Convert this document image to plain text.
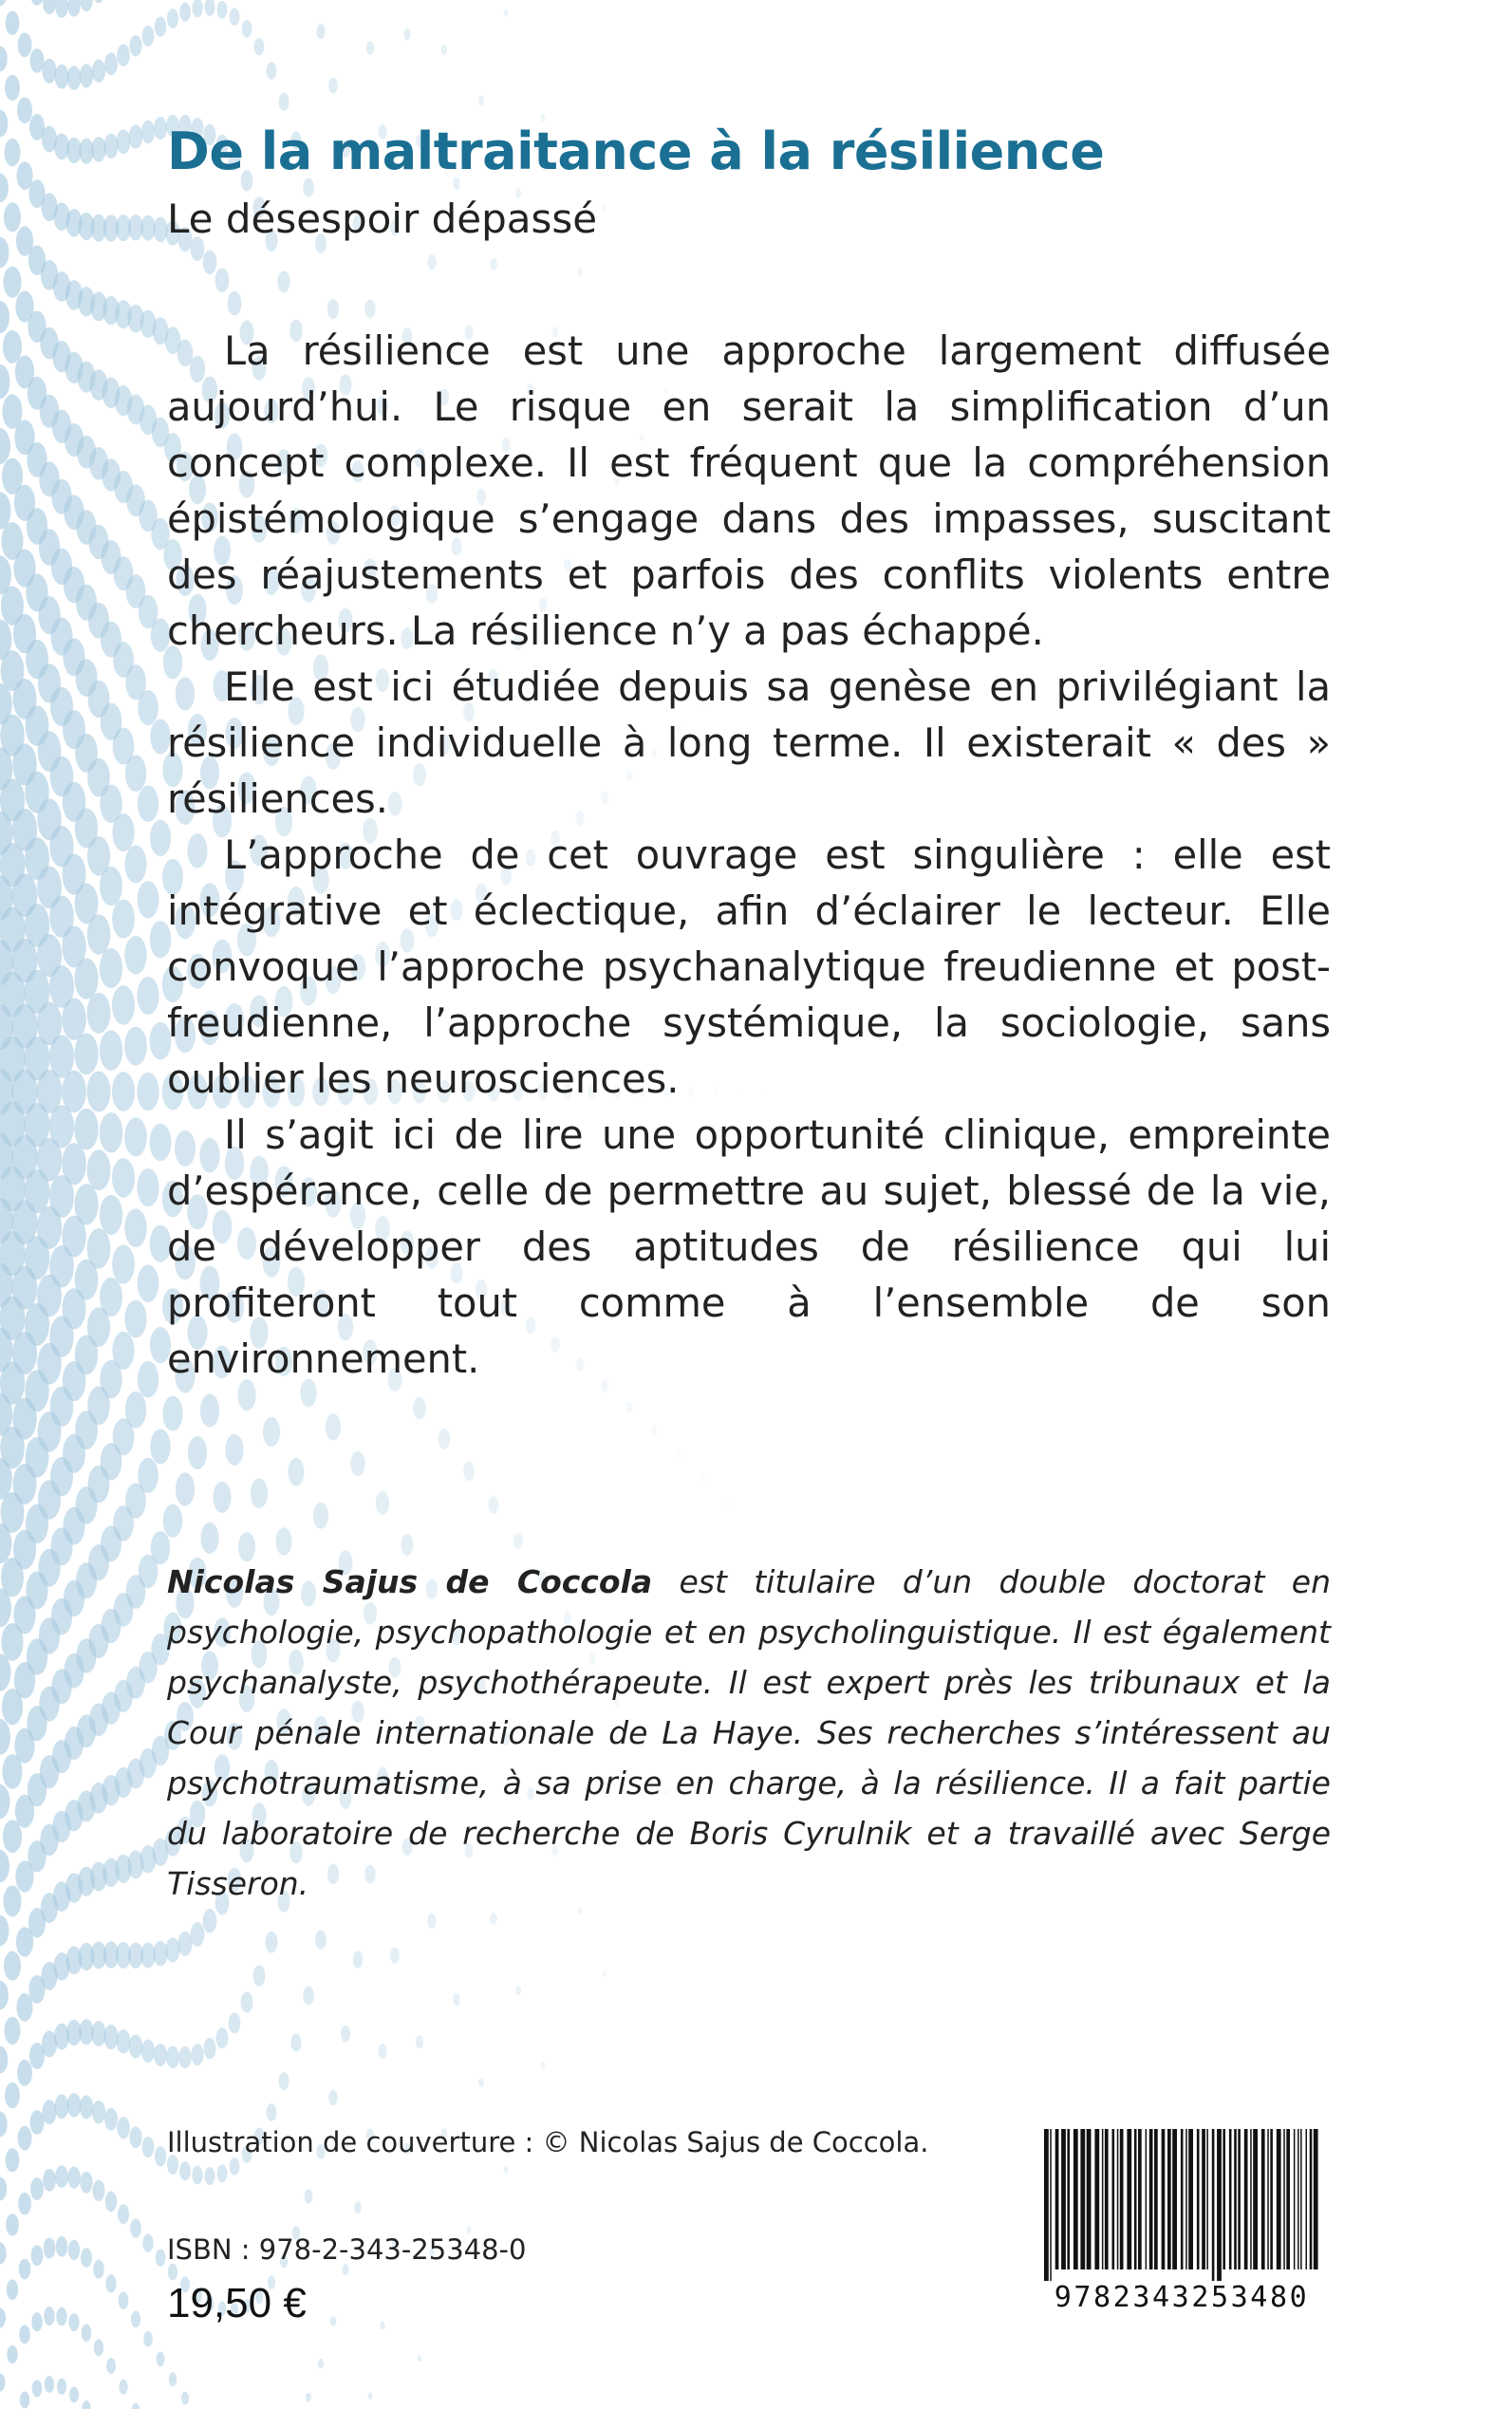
De la maltraitance à la résilience
Le désespoir dépassé

La résilience est une approche largement diffusée aujourd’hui. Le risque en serait la simplification d’un concept complexe. Il est fréquent que la compréhension épistémologique s’engage dans des impasses, suscitant des réajustements et parfois des conflits violents entre chercheurs. La résilience n’y a pas échappé.

Elle est ici étudiée depuis sa genèse en privilégiant la résilience individuelle à long terme. Il existerait « des » résiliences.

L’approche de cet ouvrage est singulière : elle est intégrative et éclectique, afin d’éclairer le lecteur. Elle convoque l’approche psychanalytique freudienne et post-freudienne, l’approche systémique, la sociologie, sans oublier les neurosciences.

Il s’agit ici de lire une opportunité clinique, empreinte d’espérance, celle de permettre au sujet, blessé de la vie, de développer des aptitudes de résilience qui lui profiteront tout comme à l’ensemble de son environnement.

Nicolas Sajus de Coccola est titulaire d’un double doctorat en psychologie, psychopathologie et en psycholinguistique. Il est également psychanalyste, psychothérapeute. Il est expert près les tribunaux et la Cour pénale internationale de La Haye. Ses recherches s’intéressent au psychotraumatisme, à sa prise en charge, à la résilience. Il a fait partie du laboratoire de recherche de Boris Cyrulnik et a travaillé avec Serge Tisseron.
Illustration de couverture : © Nicolas Sajus de Coccola.
ISBN : 978-2-343-25348-0
19,50 €	9782343253480
